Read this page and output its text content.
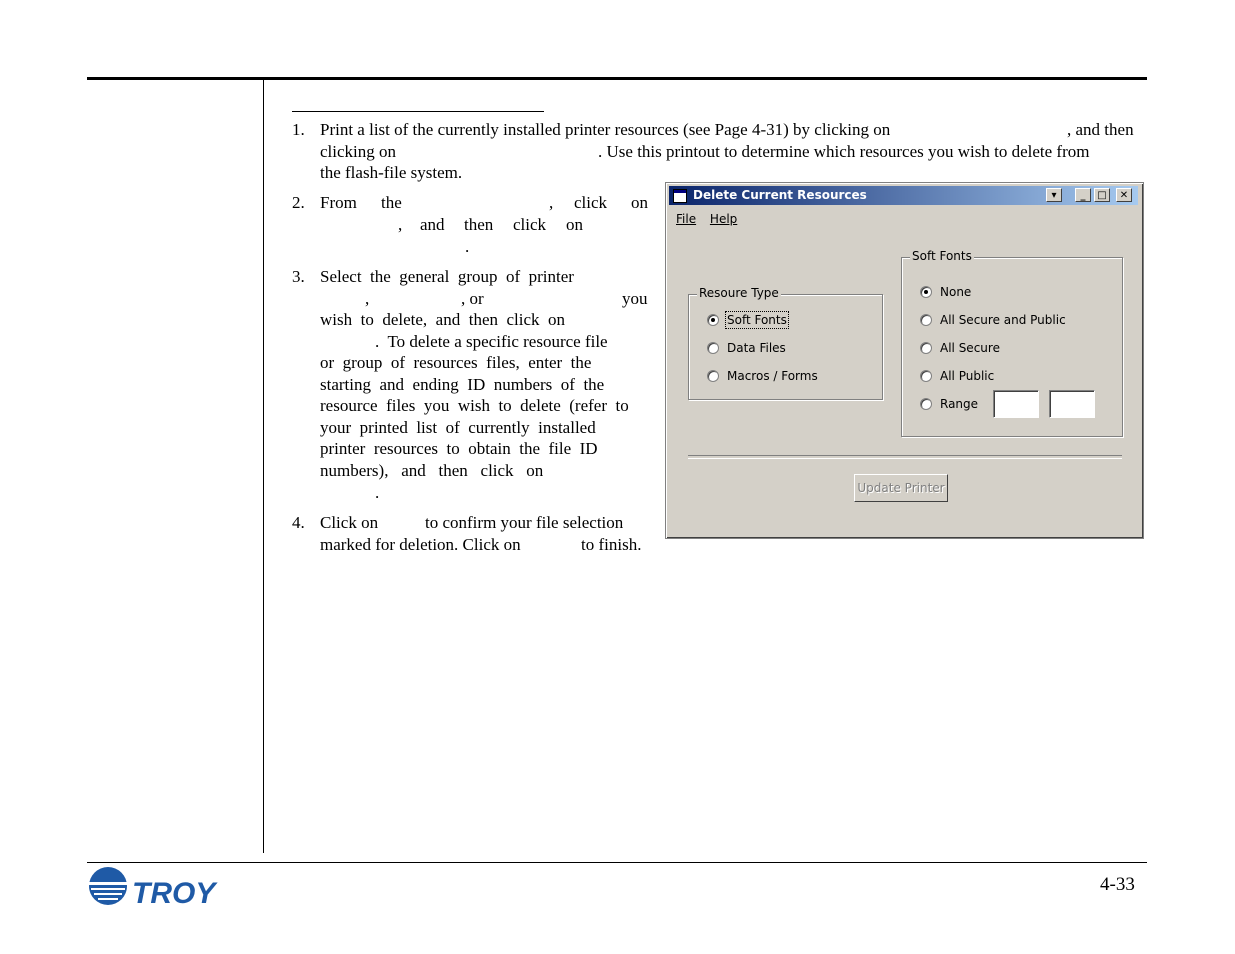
1. Print a list of the currently installed printer resources (see Page 4-31) by clicking on	, and then
clicking on	. Use this printout to determine which resources you wish to delete from
the flash-file system.
2. From the	, click on
, and then click on
.
3. Select  the  general  group  of  printer
,	, or	you
wish  to  delete,  and  then  click  on
.  To delete a specific resource file
or  group  of  resources  files,  enter  the
starting  and  ending  ID  numbers  of  the
resource  files  you  wish  to  delete  (refer  to
your  printed  list  of  currently  installed
printer  resources  to  obtain  the  file  ID
numbers),   and   then   click   on
.
4. Click on	to confirm your file selection
marked for deletion. Click on	to finish.
Delete Current Resources	▾	_	□	✕
File Help
Resoure Type
Soft Fonts
Data Files
Macros / Forms
Soft Fonts
None
All Secure and Public
All Secure
All Public
Range
Update Printer
TROY	4-33
